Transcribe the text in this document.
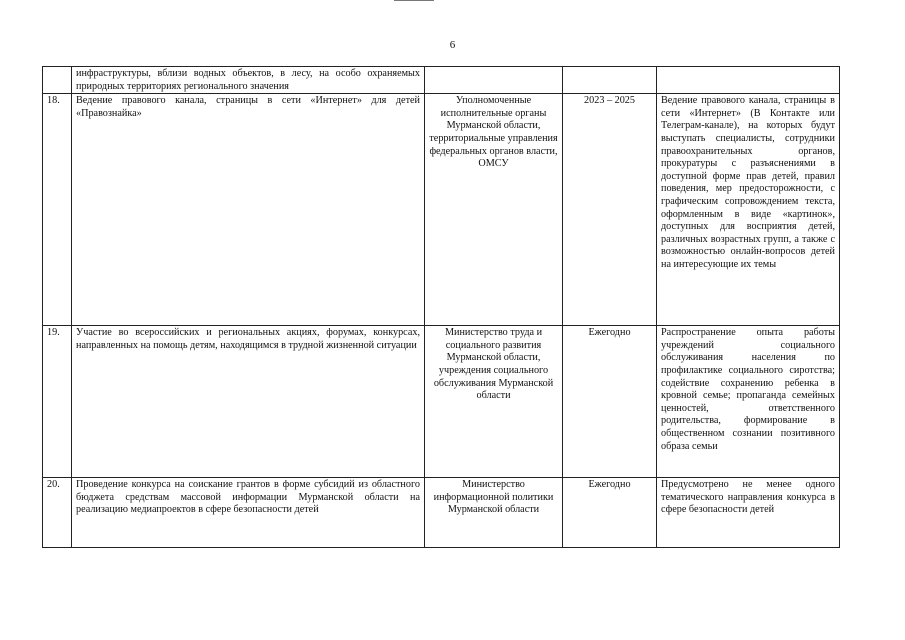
6
	инфраструктуры, вблизи водных объектов, в лесу, на особо охраняемых природных территориях регионального значения			
18.	Ведение правового канала, страницы в сети «Интернет» для детей «Правознайка»	Уполномоченные исполнительные органы Мурманской области, территориальные управления федеральных органов власти, ОМСУ	2023 – 2025	Ведение правового канала, страницы в сети «Интернет» (В Контакте или Телеграм-канале), на которых будут выступать специалисты, сотрудники правоохранительных органов, прокуратуры с разъяснениями в доступной форме прав детей, правил поведения, мер предосторожности, с графическим сопровождением текста, оформленным в виде «картинок», доступных для восприятия детей, различных возрастных групп, а также с возможностью онлайн-вопросов детей на интересующие их темы
19.	Участие во всероссийских и региональных акциях, форумах, конкурсах, направленных на помощь детям, находящимся в трудной жизненной ситуации	Министерство труда и социального развития Мурманской области, учреждения социального обслуживания Мурманской области	Ежегодно	Распространение опыта работы учреждений социального обслуживания населения по профилактике социального сиротства; содействие сохранению ребенка в кровной семье; пропаганда семейных ценностей, ответственного родительства, формирование в общественном сознании позитивного образа семьи
20.	Проведение конкурса на соискание грантов в форме субсидий из областного бюджета средствам массовой информации Мурманской области на реализацию медиапроектов в сфере безопасности детей	Министерство информационной политики Мурманской области	Ежегодно	Предусмотрено не менее одного тематического направления конкурса в сфере безопасности детей
